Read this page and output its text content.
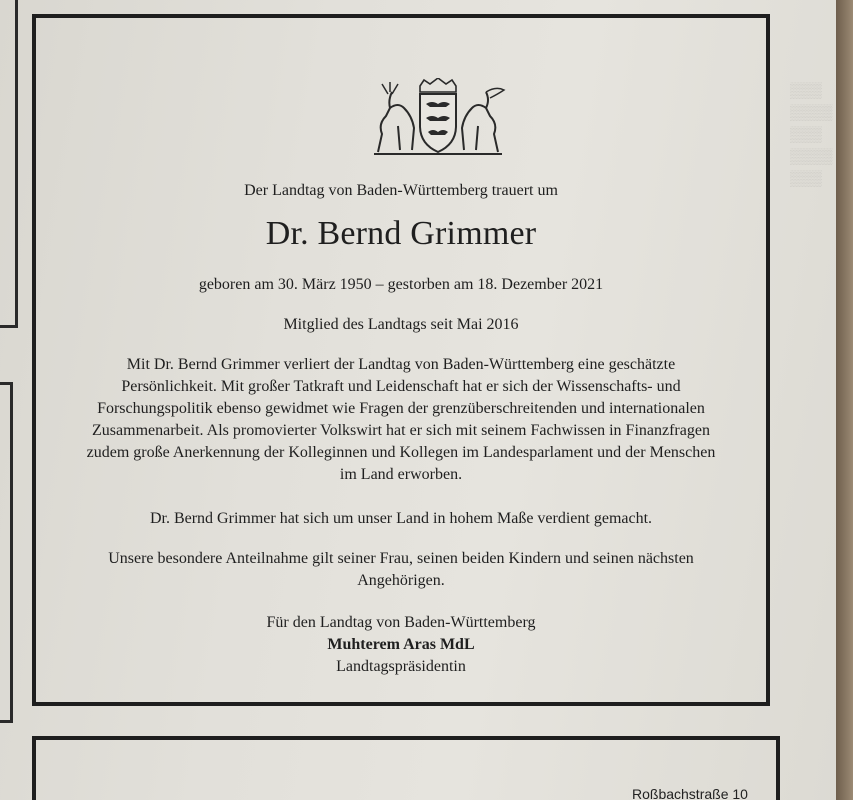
▒▒▒
▒▒▒▒
▒▒▒
▒▒▒▒
▒▒▒
Der Landtag von Baden-Württemberg trauert um
Dr. Bernd Grimmer
geboren am 30. März 1950 – gestorben am 18. Dezember 2021
Mitglied des Landtags seit Mai 2016
Mit Dr. Bernd Grimmer verliert der Landtag von Baden-Württemberg eine geschätzte
Persönlichkeit. Mit großer Tatkraft und Leidenschaft hat er sich der Wissenschafts- und
Forschungspolitik ebenso gewidmet wie Fragen der grenzüberschreitenden und internationalen
Zusammenarbeit. Als promovierter Volkswirt hat er sich mit seinem Fachwissen in Finanzfragen
zudem große Anerkennung der Kolleginnen und Kollegen im Landesparlament und der Menschen
im Land erworben.
Dr. Bernd Grimmer hat sich um unser Land in hohem Maße verdient gemacht.
Unsere besondere Anteilnahme gilt seiner Frau, seinen beiden Kindern und seinen nächsten
Angehörigen.
Für den Landtag von Baden-Württemberg
Muhterem Aras MdL
Landtagspräsidentin
Roßbachstraße 10
